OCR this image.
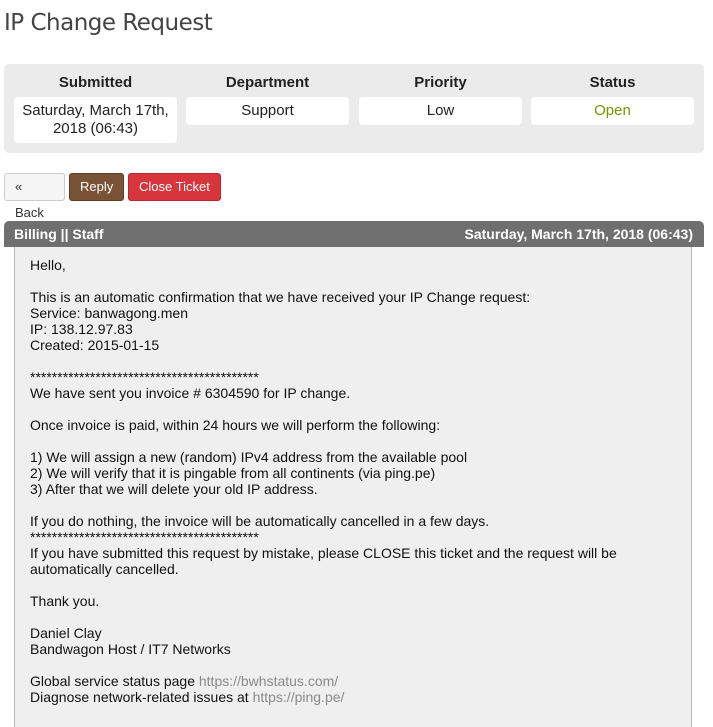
IP Change Request
Submitted
Saturday, March 17th, 2018 (06:43)
Department
Support
Priority
Low
Status
Open
« Back
Reply	Close Ticket
Billing || Staff	Saturday, March 17th, 2018 (06:43)
Hello,
This is an automatic confirmation that we have received your IP Change request:
Service: banwagong.men
IP: 138.12.97.83
Created: 2015-01-15
******************************************
We have sent you invoice # 6304590 for IP change.
Once invoice is paid, within 24 hours we will perform the following:
1) We will assign a new (random) IPv4 address from the available pool
2) We will verify that it is pingable from all continents (via ping.pe)
3) After that we will delete your old IP address.
If you do nothing, the invoice will be automatically cancelled in a few days.
******************************************
If you have submitted this request by mistake, please CLOSE this ticket and the request will be automatically cancelled.
Thank you.
Daniel Clay
Bandwagon Host / IT7 Networks
Global service status page https://bwhstatus.com/
Diagnose network-related issues at https://ping.pe/
